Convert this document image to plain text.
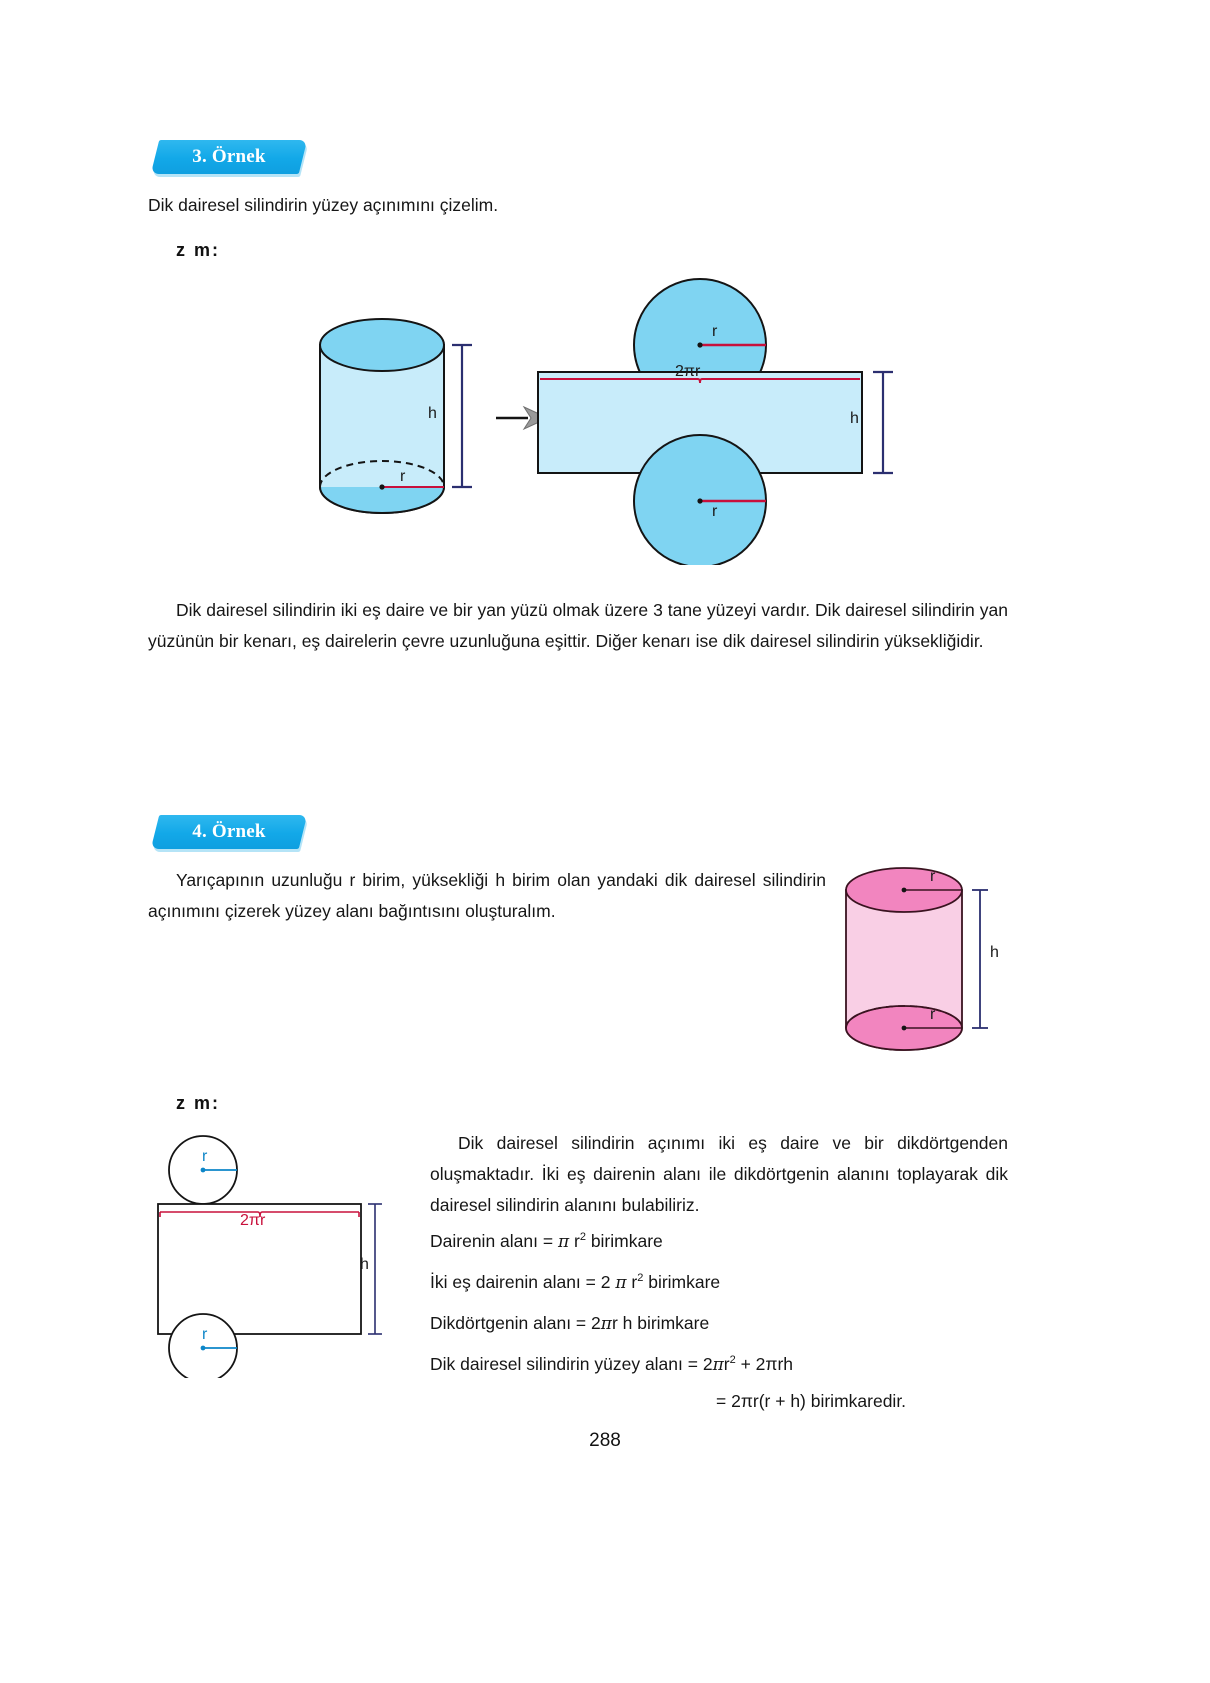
3. Örnek
Dik dairesel silindirin yüzey açınımını çizelim.
z m:
h
r
r
2πr
r
h
Dik dairesel silindirin iki eş daire ve bir yan yüzü olmak üzere 3 tane yüzeyi vardır. Dik dairesel silindirin yan yüzünün bir kenarı, eş dairelerin çevre uzunluğuna eşittir. Diğer kenarı ise dik dairesel silindirin yüksekliğidir.
4. Örnek
Yarıçapının uzunluğu r birim, yüksekliği h birim olan yandaki dik dairesel silindirin açınımını çizerek yüzey alanı bağıntısını oluşturalım.
r
r
h
z m:
r
2πr
r
h
Dik dairesel silindirin açınımı iki eş daire ve bir dikdörtgenden oluşmaktadır. İki eş dairenin alanı ile dikdörtgenin alanını toplayarak dik dairesel silindirin alanını bulabiliriz.
Dairenin alanı = π $r^2$ birimkare
İki eş dairenin alanı = 2 π $r^2$ birimkare
Dikdörtgenin alanı = 2πr h birimkare
Dik dairesel silindirin yüzey alanı = $2\pi r^2 + 2\pi rh$
= 2πr(r + h) birimkaredir.
288
